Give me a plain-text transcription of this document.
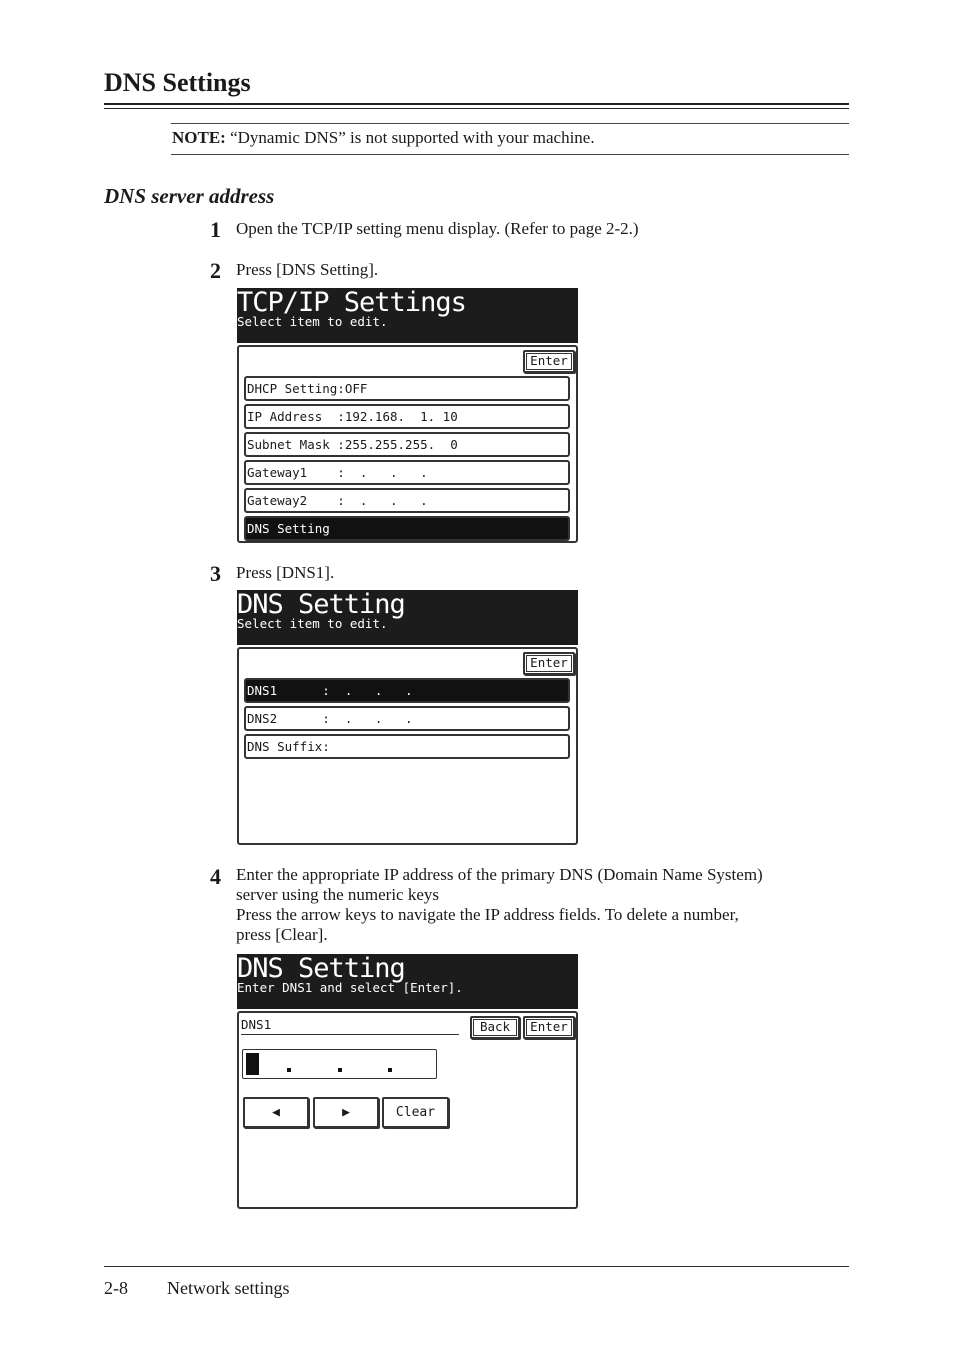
DNS Settings
NOTE: “Dynamic DNS” is not supported with your machine.
DNS server address
1 Open the TCP/IP setting menu display. (Refer to page 2-2.)
2 Press [DNS Setting].
TCP/IP Settings
Select item to edit.
Enter
DHCP Setting:OFF
IP Address  :192.168.  1. 10
Subnet Mask :255.255.255.  0
Gateway1    :  .   .   .
Gateway2    :  .   .   .
DNS Setting
3 Press [DNS1].
DNS Setting
Select item to edit.
Enter
DNS1      :  .   .   .
DNS2      :  .   .   .
DNS Suffix:
4 Enter the appropriate IP address of the primary DNS (Domain Name System)
server using the numeric keys
Press the arrow keys to navigate the IP address fields. To delete a number,
press [Clear].
DNS Setting
Enter DNS1 and select [Enter].
DNS1	Back	Enter
◀	▶	Clear
2-8 Network settings
